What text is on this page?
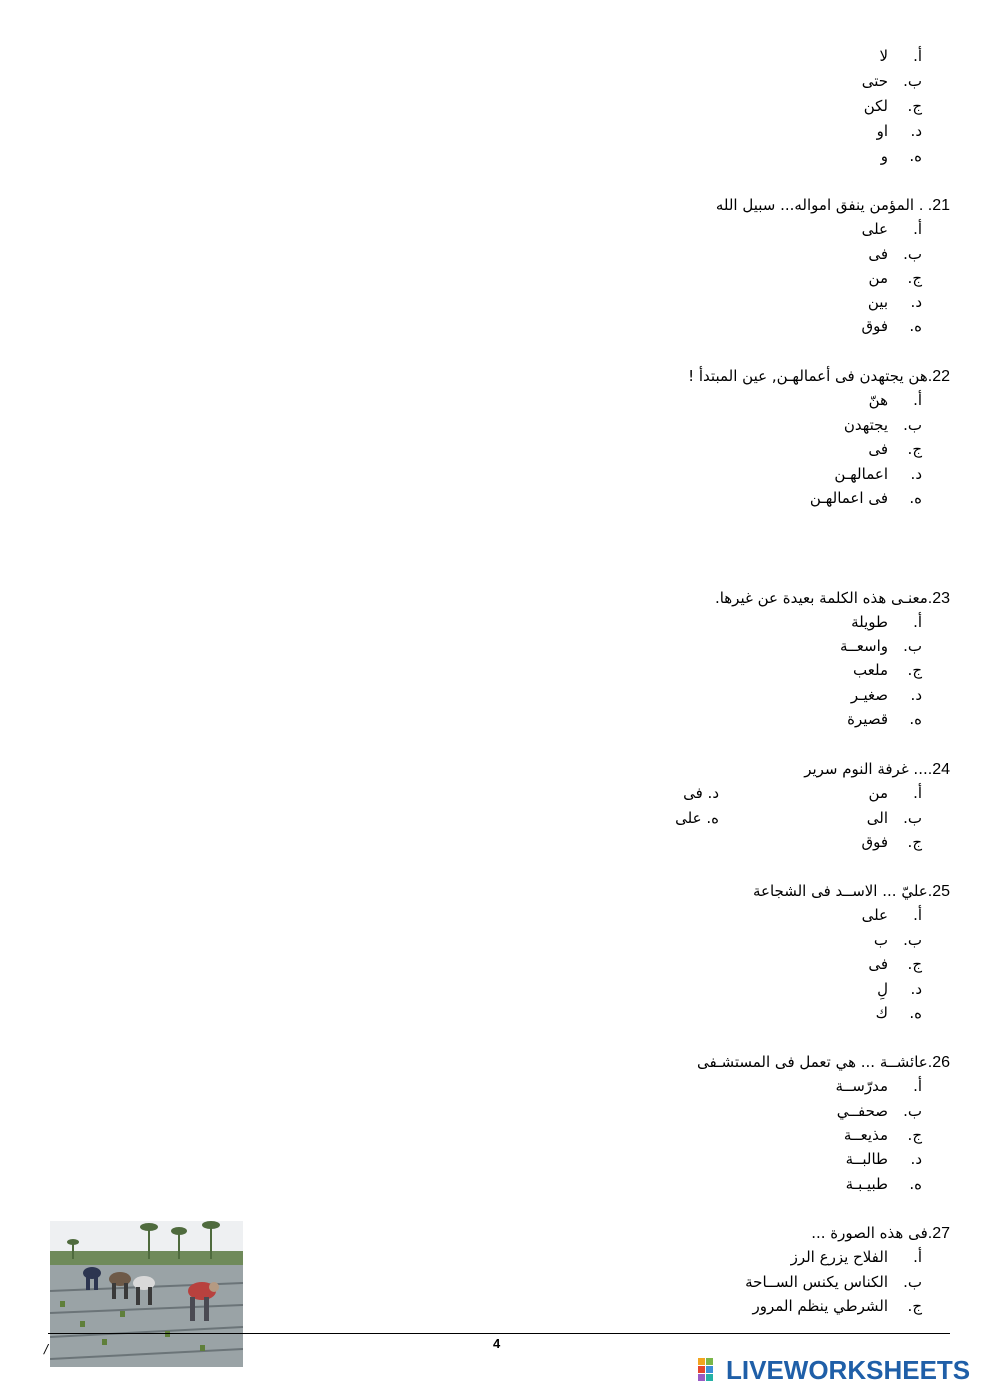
أ.لا
ب.حتى
ج.لكن
د.او
ه.و
21. . المؤمن ينفق امواله... سبيل الله
أ.على
ب.فى
ج.من
د.بين
ه.فوق
22.هن يجتهدن فى أعمالهـن, عين المبتدأ !
أ.هنّ
ب.يجتهدن
ج.فى
د.اعمالهـن
ه.فى اعمالهـن
23.معنـى هذه الكلمة بعيدة عن غيرها.
أ.طويلة
ب.واسعــة
ج.ملعب
د.صغيـر
ه.قصيرة
24.... غرفة النوم سرير
أ.من
ب.الى
ج.فوق
د. فى
ه. على
25.عليّ ... الاســد فى الشجاعة
أ.على
ب.ب
ج.فى
د.لِ
ه.ك
26.عائشــة ... هي تعمل فى المستشـفى
أ.مدرّســة
ب.صحفــي
ج.مذيعــة
د.طالبــة
ه.طبيـبـة
27.فى هذه الصورة ...
أ.الفلاح يزرع الرز
ب.الكناس يكنس الســاحة
ج.الشرطي ينظم المرور
/	4
LIVEWORKSHEETS
